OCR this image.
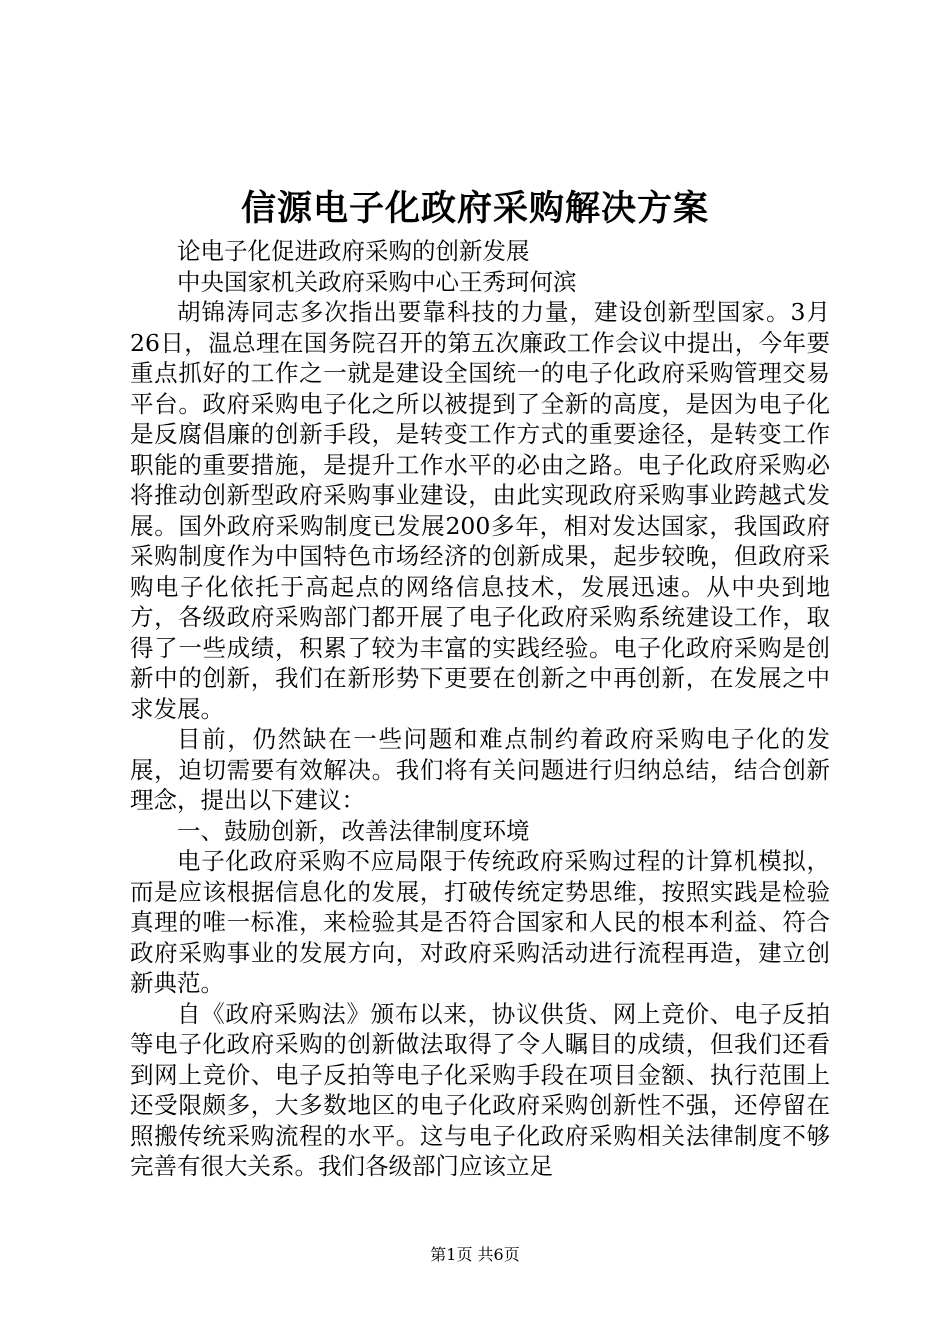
信源电子化政府采购解决方案

论电子化促进政府采购的创新发展

中央国家机关政府采购中心王秀珂何滨

胡锦涛同志多次指出要靠科技的力量，建设创新型国家。3月26日，温总理在国务院召开的第五次廉政工作会议中提出，今年要重点抓好的工作之一就是建设全国统一的电子化政府采购管理交易平台。政府采购电子化之所以被提到了全新的高度，是因为电子化是反腐倡廉的创新手段，是转变工作方式的重要途径，是转变工作职能的重要措施，是提升工作水平的必由之路。电子化政府采购必将推动创新型政府采购事业建设，由此实现政府采购事业跨越式发展。国外政府采购制度已发展200多年，相对发达国家，我国政府采购制度作为中国特色市场经济的创新成果，起步较晚，但政府采购电子化依托于高起点的网络信息技术，发展迅速。从中央到地方，各级政府采购部门都开展了电子化政府采购系统建设工作，取得了一些成绩，积累了较为丰富的实践经验。电子化政府采购是创新中的创新，我们在新形势下更要在创新之中再创新，在发展之中求发展。

目前，仍然缺在一些问题和难点制约着政府采购电子化的发展，迫切需要有效解决。我们将有关问题进行归纳总结，结合创新理念，提出以下建议：

一、鼓励创新，改善法律制度环境

电子化政府采购不应局限于传统政府采购过程的计算机模拟，而是应该根据信息化的发展，打破传统定势思维，按照实践是检验真理的唯一标准，来检验其是否符合国家和人民的根本利益、符合政府采购事业的发展方向，对政府采购活动进行流程再造，建立创新典范。

自《政府采购法》颁布以来，协议供货、网上竞价、电子反拍等电子化政府采购的创新做法取得了令人瞩目的成绩，但我们还看到网上竞价、电子反拍等电子化采购手段在项目金额、执行范围上还受限颇多，大多数地区的电子化政府采购创新性不强，还停留在照搬传统采购流程的水平。这与电子化政府采购相关法律制度不够完善有很大关系。我们各级部门应该立足

第1页 共6页
